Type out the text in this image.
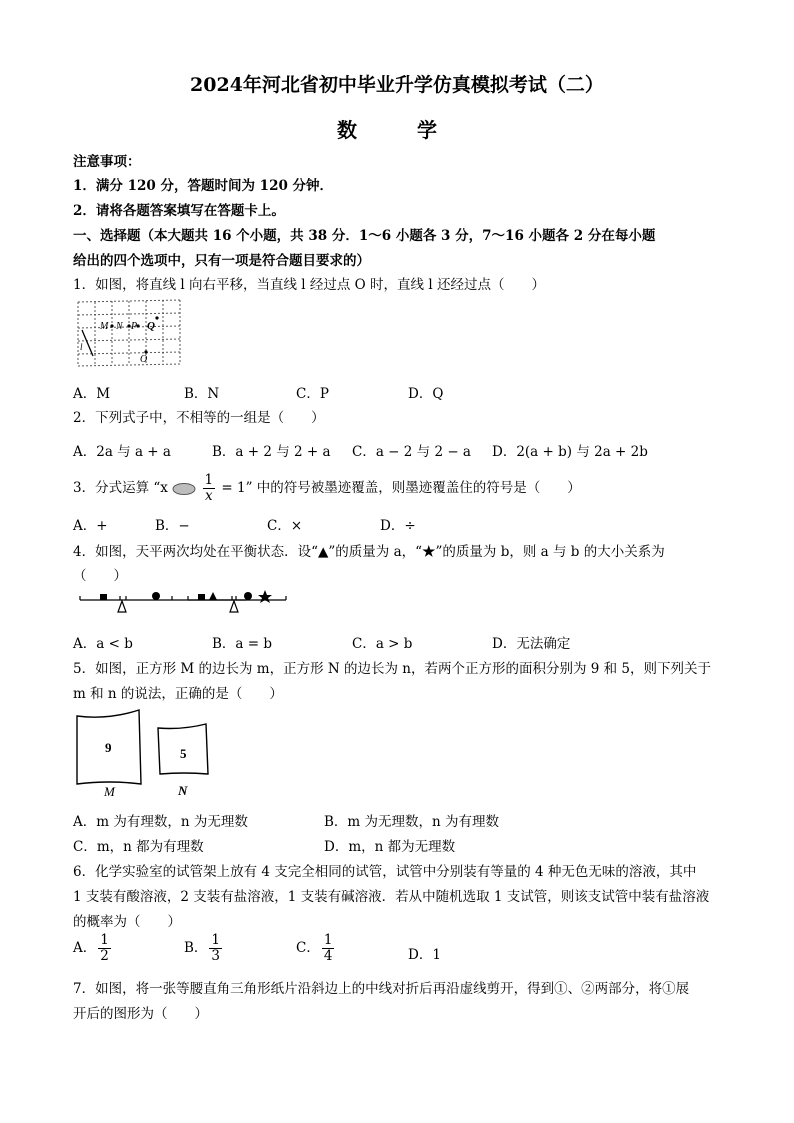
2024年河北省初中毕业升学仿真模拟考试（二）
数　学
注意事项：
1．满分 120 分，答题时间为 120 分钟．
2．请将各题答案填写在答题卡上。
一、选择题（本大题共 16 个小题，共 38 分．1～6 小题各 3 分，7～16 小题各 2 分在每小题
给出的四个选项中，只有一项是符合题目要求的）
1．如图，将直线 l 向右平移，当直线 l 经过点 O 时，直线 l 还经过点（　　）
M N P Q
O
l
A．M	B．N	C．P	D．Q
2．下列式子中，不相等的一组是（　　）
A．2a 与 a + a	B．a + 2 与 2 + a C．a − 2 与 2 − a D．2(a + b) 与 2a + 2b
3．分式运算 “x	$\frac{1}{x} = 1$” 中的符号被墨迹覆盖，则墨迹覆盖住的符号是（　　）
A．+	B．−	C．×	D．÷
4．如图，天平两次均处在平衡状态．设“▲”的质量为 a，“★”的质量为 b，则 a 与 b 的大小关系为
（　　）
A．a < b	B．a = b	C．a > b	D．无法确定
5．如图，正方形 M 的边长为 m，正方形 N 的边长为 n，若两个正方形的面积分别为 9 和 5，则下列关于
m 和 n 的说法，正确的是（　　）
9	5
M	N
A．m 为有理数，n 为无理数	B．m 为无理数，n 为有理数
C．m，n 都为有理数	D．m，n 都为无理数
6．化学实验室的试管架上放有 4 支完全相同的试管，试管中分别装有等量的 4 种无色无味的溶液，其中
1 支装有酸溶液，2 支装有盐溶液，1 支装有碱溶液．若从中随机选取 1 支试管，则该支试管中装有盐溶液
的概率为（　　）
A． $\frac{1}{2}$	B． $\frac{1}{3}$	C． $\frac{1}{4}$	D．1
7．如图，将一张等腰直角三角形纸片沿斜边上的中线对折后再沿虚线剪开，得到①、②两部分，将①展
开后的图形为（　　）
